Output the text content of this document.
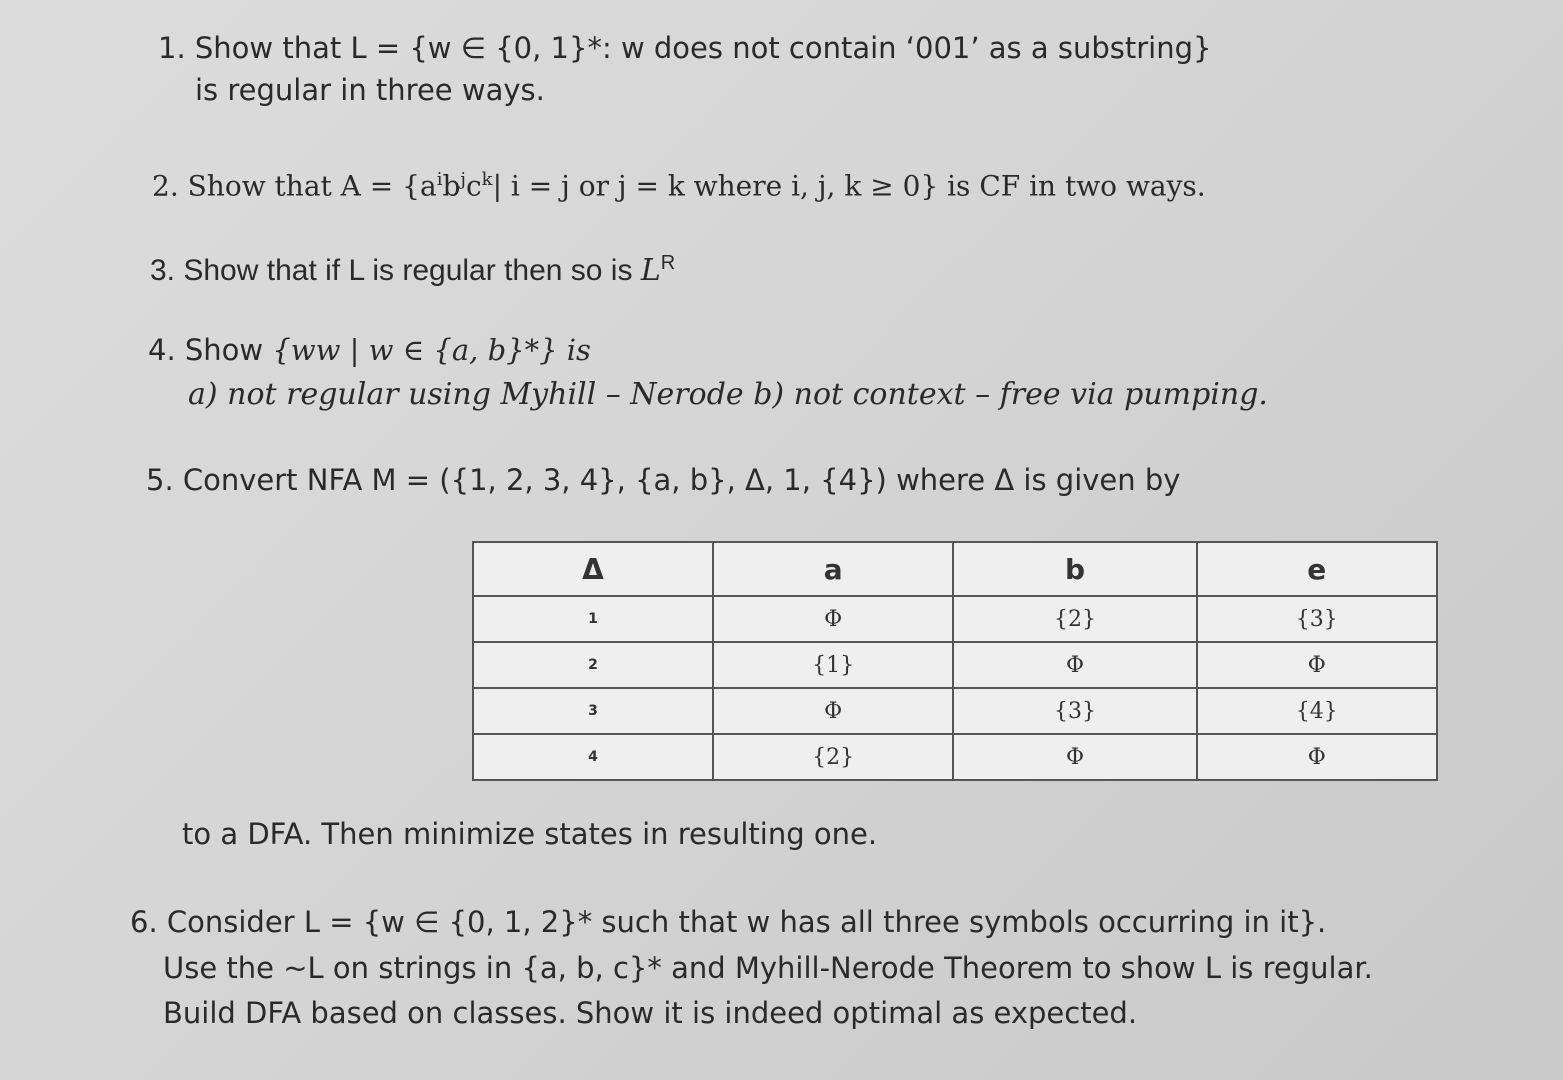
1. Show that L = {w ∈ {0, 1}*: w does not contain ‘001’ as a substring}
is regular in three ways.
2. Show that $A = \{a^ib^jc^k|$ i = j or j = k where i, j, k ≥ 0} is CF in two ways.
3. Show that if L is regular then so is $L^R$
4. Show {ww | w ∈ {a, b}*} is
a) not regular using Myhill – Nerode b) not context – free via pumping.
5. Convert NFA M = ({1, 2, 3, 4}, {a, b}, Δ, 1, {4}) where Δ is given by
Δ	a	b	e
1	Φ	{2}	{3}
2	{1}	Φ	Φ
3	Φ	{3}	{4}
4	{2}	Φ	Φ
to a DFA. Then minimize states in resulting one.
6. Consider L = {w ∈ {0, 1, 2}* such that w has all three symbols occurring in it}.
Use the ~L on strings in {a, b, c}* and Myhill-Nerode Theorem to show L is regular.
Build DFA based on classes. Show it is indeed optimal as expected.
